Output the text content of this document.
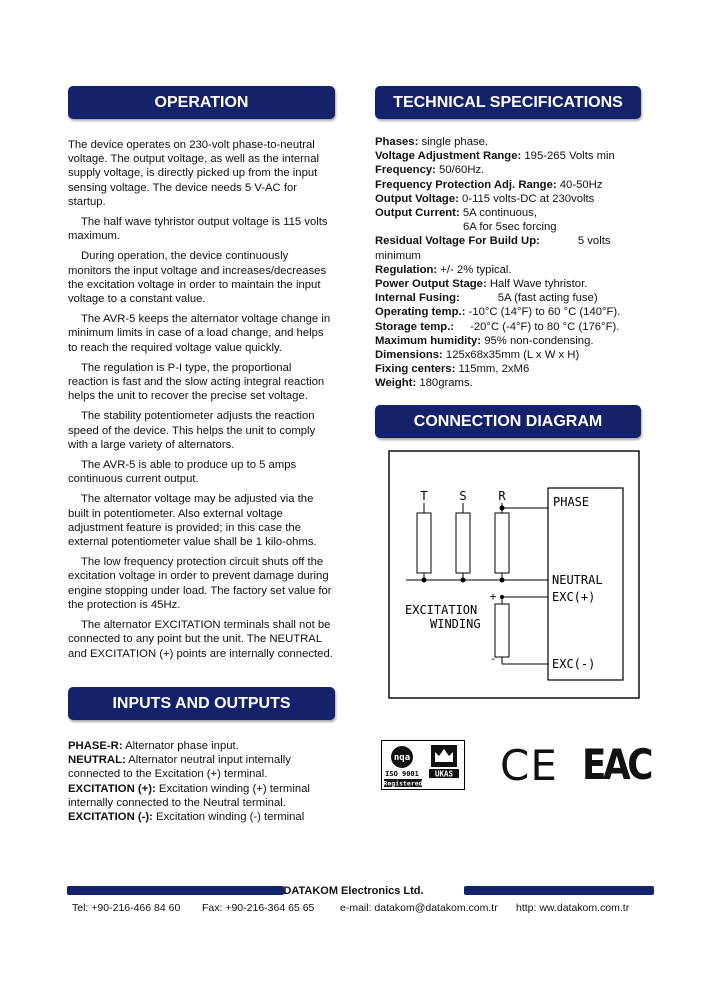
OPERATION

The device operates on 230-volt phase-to-neutral voltage. The output voltage, as well as the internal supply voltage, is directly picked up from the input sensing voltage. The device needs 5 V-AC for startup.

The half wave tyhristor output voltage is 115 volts maximum.

During operation, the device continuously monitors the input voltage and increases/decreases the excitation voltage in order to maintain the input voltage to a constant value.

The AVR-5 keeps the alternator voltage change in minimum limits in case of a load change, and helps to reach the required voltage value quickly.

The regulation is P-I type, the proportional reaction is fast and the slow acting integral reaction helps the unit to recover the precise set voltage.

The stability potentiometer adjusts the reaction speed of the device. This helps the unit to comply with a large variety of alternators.

The AVR-5 is able to produce up to 5 amps continuous current output.

The alternator voltage may be adjusted via the built in potentiometer. Also external voltage adjustment feature is provided; in this case the external potentiometer value shall be 1 kilo-ohms.

The low frequency protection circuit shuts off the excitation voltage in order to prevent damage during engine stopping under load. The factory set value for the protection is 45Hz.

The alternator EXCITATION terminals shall not be connected to any point but the unit. The NEUTRAL and EXCITATION (+) points are internally connected.

INPUTS AND OUTPUTS

PHASE-R: Alternator phase input.

NEUTRAL: Alternator neutral input internally connected to the Excitation (+) terminal.

EXCITATION (+): Excitation winding (+) terminal internally connected to the Neutral terminal.

EXCITATION (-): Excitation winding (-) terminal

TECHNICAL SPECIFICATIONS

Phases: single phase.

Voltage Adjustment Range: 195-265 Volts min

Frequency: 50/60Hz.

Frequency Protection Adj. Range: 40-50Hz

Output Voltage: 0-115 volts-DC at 230volts

Output Current: 5A continuous,

6A for 5sec forcing

Residual Voltage For Build Up:	5 volts

minimum

Regulation: +/- 2% typical.

Power Output Stage: Half Wave tyhristor.

Internal Fusing:	5A (fast acting fuse)

Operating temp.: -10°C (14°F) to 60 °C (140°F).

Storage temp.: -20°C (-4°F) to 80 °C (176°F).

Maximum humidity: 95% non-condensing.

Dimensions: 125x68x35mm (L x W x H)

Fixing centers: 115mm, 2xM6

Weight: 180grams.

CONNECTION DIAGRAM
T	S	R	PHASE
NEUTRAL
+	EXC(+)
-	EXC(-)
EXCITATION
WINDING
nqa
ISO 9001
Registered
UKAS CE EAC
DATAKOM Electronics Ltd.
Tel: +90-216-466 84 60 Fax: +90-216-364 65 65 e-mail: datakom@datakom.com.tr http: ww.datakom.com.tr
